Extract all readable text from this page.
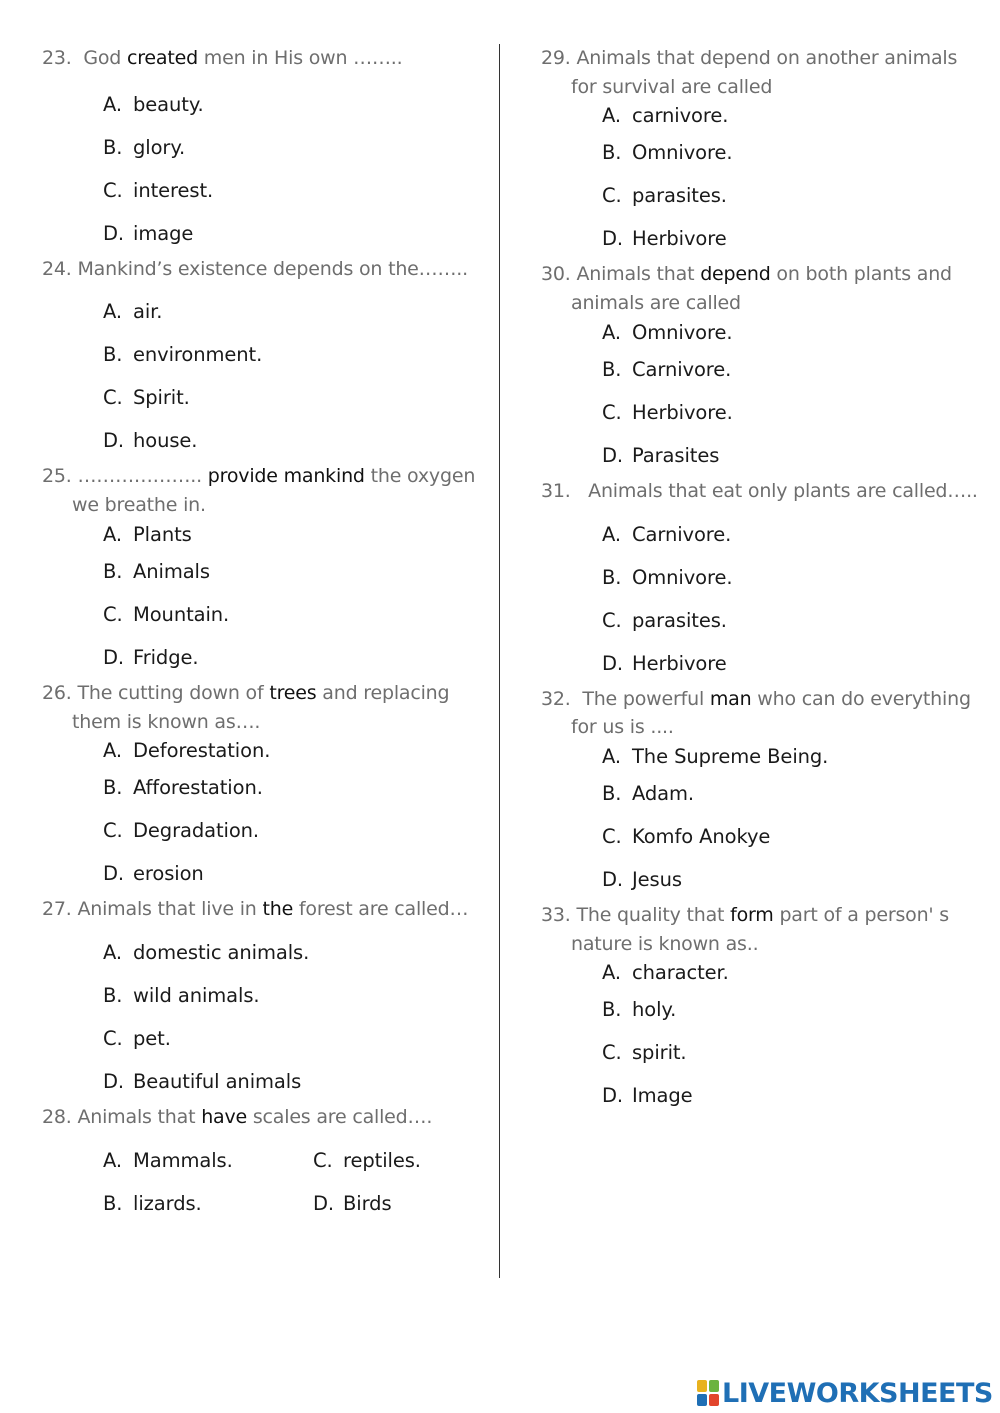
23. God created men in His own ……..
A. beauty.
B. glory.
C. interest.
D. image
24. Mankind’s existence depends on the……..
A. air.
B. environment.
C. Spirit.
D. house.
25. ……………….. provide mankind the oxygen
we breathe in.
A. Plants
B. Animals
C. Mountain.
D. Fridge.
26. The cutting down of trees and replacing
them is known as….
A. Deforestation.
B. Afforestation.
C. Degradation.
D. erosion
27. Animals that live in the forest are called…
A. domestic animals.
B. wild animals.
C. pet.
D. Beautiful animals
28. Animals that have scales are called….
A. Mammals.	C. reptiles.
B. lizards.	D. Birds
29. Animals that depend on another animals
for survival are called
A. carnivore.
B. Omnivore.
C. parasites.
D. Herbivore
30. Animals that depend on both plants and
animals are called
A. Omnivore.
B. Carnivore.
C. Herbivore.
D. Parasites
31. Animals that eat only plants are called…..
A. Carnivore.
B. Omnivore.
C. parasites.
D. Herbivore
32. The powerful man who can do everything
for us is ....
A. The Supreme Being.
B. Adam.
C. Komfo Anokye
D. Jesus
33. The quality that form part of a person' s
nature is known as..
A. character.
B. holy.
C. spirit.
D. Image
LIVEWORKSHEETS
